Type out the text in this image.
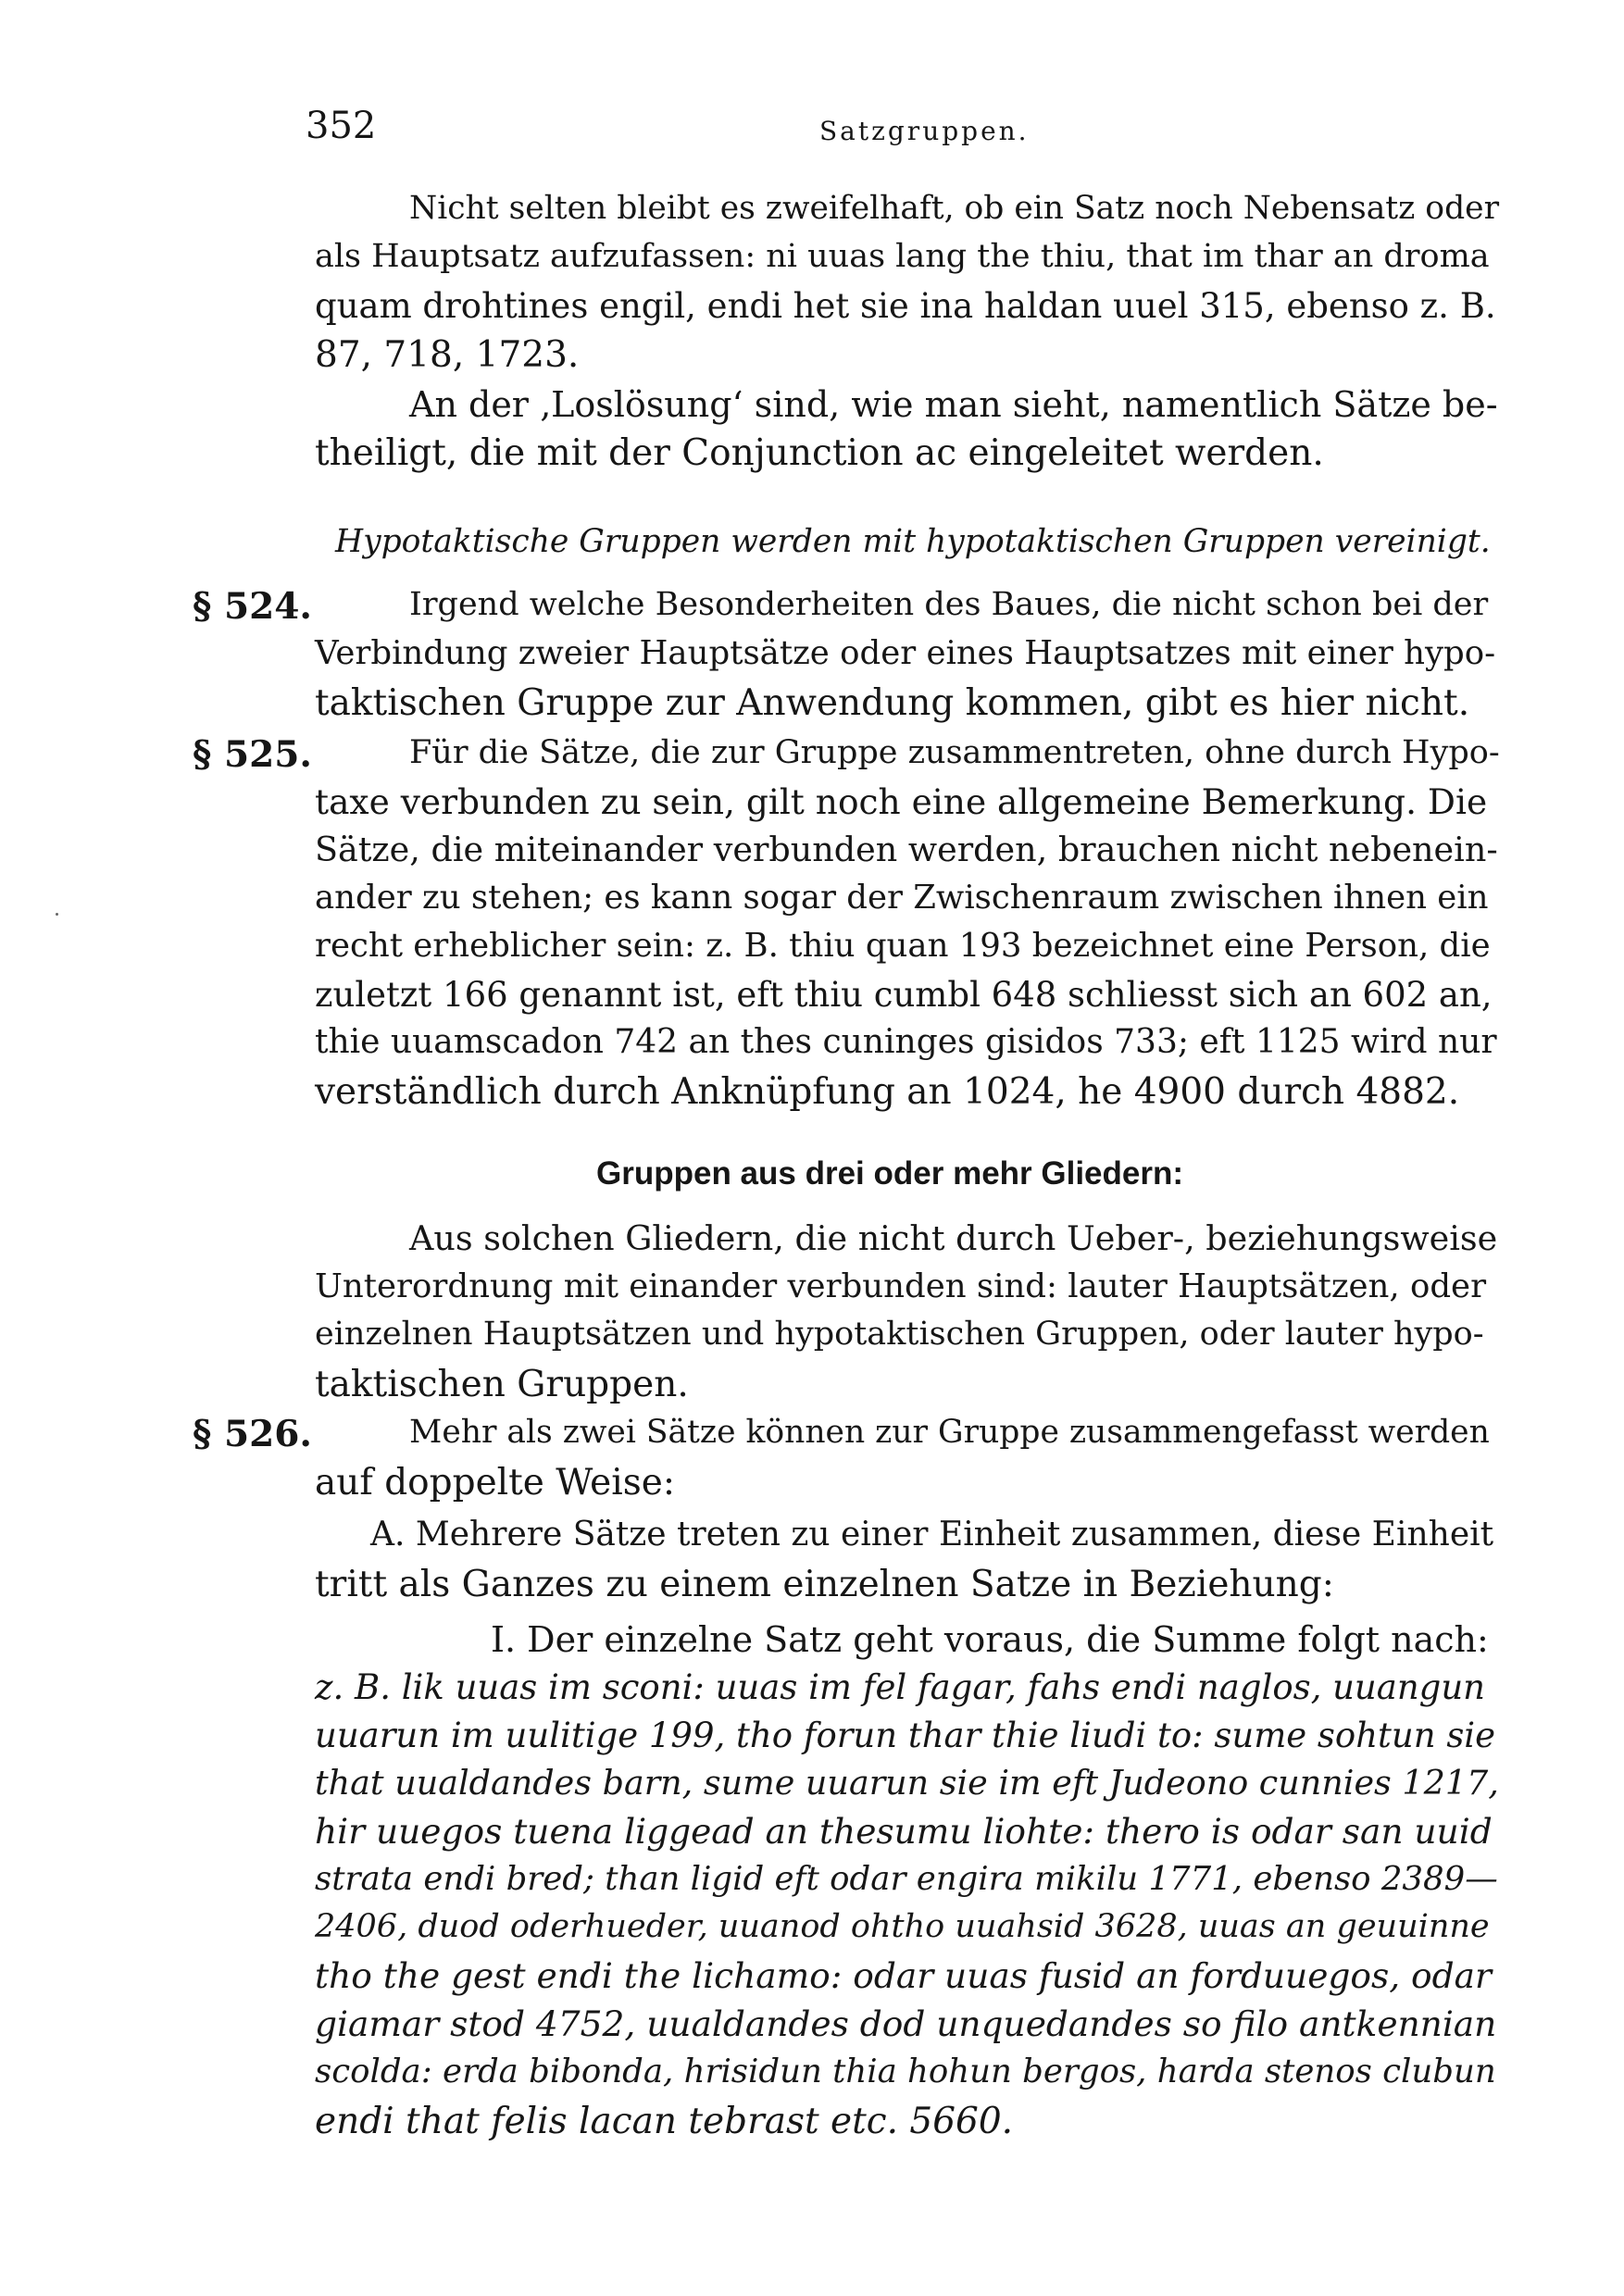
352	Satzgruppen.
Nicht selten bleibt es zweifelhaft, ob ein Satz noch Nebensatz oder
als Hauptsatz aufzufassen: ni uuas lang the thiu, that im thar an droma
quam drohtines engil, endi het sie ina haldan uuel 315, ebenso z. B.
87, 718, 1723.
An der ‚Loslösung‘ sind, wie man sieht, namentlich Sätze be-
theiligt, die mit der Conjunction ac eingeleitet werden.
Hypotaktische Gruppen werden mit hypotaktischen Gruppen vereinigt.
§ 524.	Irgend welche Besonderheiten des Baues, die nicht schon bei der
Verbindung zweier Hauptsätze oder eines Hauptsatzes mit einer hypo-
taktischen Gruppe zur Anwendung kommen, gibt es hier nicht.
§ 525.	Für die Sätze, die zur Gruppe zusammentreten, ohne durch Hypo-
taxe verbunden zu sein, gilt noch eine allgemeine Bemerkung. Die
Sätze, die miteinander verbunden werden, brauchen nicht nebenein-
ander zu stehen; es kann sogar der Zwischenraum zwischen ihnen ein
recht erheblicher sein: z. B. thiu quan 193 bezeichnet eine Person, die
zuletzt 166 genannt ist, eft thiu cumbl 648 schliesst sich an 602 an,
thie uuamscadon 742 an thes cuninges gisidos 733; eft 1125 wird nur
verständlich durch Anknüpfung an 1024, he 4900 durch 4882.
Gruppen aus drei oder mehr Gliedern:
Aus solchen Gliedern, die nicht durch Ueber-, beziehungsweise
Unterordnung mit einander verbunden sind: lauter Hauptsätzen, oder
einzelnen Hauptsätzen und hypotaktischen Gruppen, oder lauter hypo-
taktischen Gruppen.
§ 526.	Mehr als zwei Sätze können zur Gruppe zusammengefasst werden
auf doppelte Weise:
A. Mehrere Sätze treten zu einer Einheit zusammen, diese Einheit
tritt als Ganzes zu einem einzelnen Satze in Beziehung:
I. Der einzelne Satz geht voraus, die Summe folgt nach:
z. B. lik uuas im sconi: uuas im fel fagar, fahs endi naglos, uuangun
uuarun im uulitige 199, tho forun thar thie liudi to: sume sohtun sie
that uualdandes barn, sume uuarun sie im eft Judeono cunnies 1217,
hir uuegos tuena liggead an thesumu liohte: thero is odar san uuid
strata endi bred; than ligid eft odar engira mikilu 1771, ebenso 2389—
2406, duod oderhueder, uuanod ohtho uuahsid 3628, uuas an geuuinne
tho the gest endi the lichamo: odar uuas fusid an forduuegos, odar
giamar stod 4752, uualdandes dod unquedandes so filo antkennian
scolda: erda bibonda, hrisidun thia hohun bergos, harda stenos clubun
endi that felis lacan tebrast etc. 5660.
